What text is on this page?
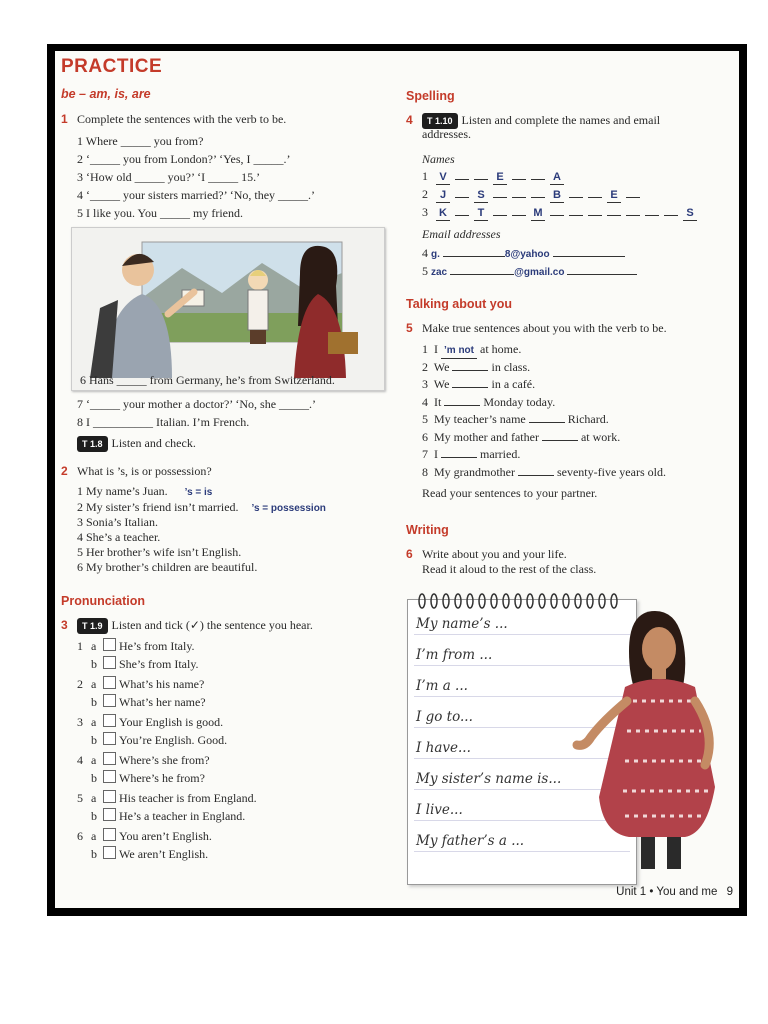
PRACTICE
be – am, is, are
1 Complete the sentences with the verb to be.
1 Where _____ you from?
2 ‘_____ you from London?’ ‘Yes, I _____.’
3 ‘How old _____ you?’ ‘I _____ 15.’
4 ‘_____ your sisters married?’ ‘No, they _____.’
5 I like you. You _____ my friend.
6 Hans _____ from Germany, he’s from Switzerland.
7 ‘_____ your mother a doctor?’ ‘No, she _____.’
8 I __________ Italian. I’m French.
T 1.8 Listen and check.
2 What is ’s, is or possession?
1 My name’s Juan. ’s = is
2 My sister’s friend isn’t married. ’s = possession
3 Sonia’s Italian.
4 She’s a teacher.
5 Her brother’s wife isn’t English.
6 My brother’s children are beautiful.
Pronunciation
3	T 1.9 Listen and tick (✓) the sentence you hear.
1 a He’s from Italy.
b She’s from Italy.
2 a What’s his name?
b What’s her name?
3 a Your English is good.
b You’re English. Good.
4 a Where’s she from?
b Where’s he from?
5 a His teacher is from England.
b He’s a teacher in England.
6 a You aren’t English.
b We aren’t English.
Spelling
4	T 1.10 Listen and complete the names and email
addresses.
Names
1 V	E	A
2 J	S	B	E
3 K	T	M	S
Email addresses
4 g.	8@yahoo
5 zac	@gmail.co
Talking about you
5 Make true sentences about you with the verb to be.
1  I ’m not at home.
2  We	in class.
3  We	in a café.
4  It	Monday today.
5  My teacher’s name	Richard.
6  My mother and father	at work.
7  I	married.
8  My grandmother	seventy-five years old.
Read your sentences to your partner.
Writing
6 Write about you and your life.
Read it aloud to the rest of the class.
My name’s ...
I’m from ...
I’m a ...
I go to...
I have...
My sister’s name is...
I live...
My father’s a ...
Unit 1 • You and me 9
